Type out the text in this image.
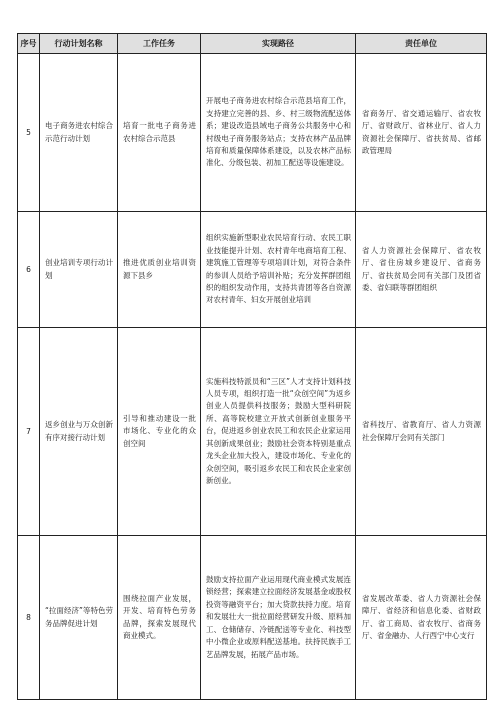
序号	行动计划名称	工作任务	实现路径	责任单位
5	电子商务进农村综合示范行动计划	培育一批电子商务进农村综合示范县	开展电子商务进农村综合示范县培育工作，支持建立完善的县、乡、村三级物流配送体系；建设改造县域电子商务公共服务中心和村级电子商务服务站点；支持农林产品品牌培育和质量保障体系建设，以及农林产品标准化、分级包装、初加工配送等设施建设。	省商务厅、省交通运输厅、省农牧厅、省财政厅、省林业厅、省人力资源社会保障厅、省扶贫局、省邮政管理局

6	创业培训专项行动计划	推进优质创业培训资源下县乡	组织实施新型职业农民培育行动、农民工职业技能提升计划、农村青年电商培育工程、建筑施工管理等专项培训计划，对符合条件的参训人员给予培训补贴；充分发挥群团组织的组织发动作用，支持共青团等各自资源对农村青年、妇女开展创业培训	省人力资源社会保障厅、省农牧厅、省住房城乡建设厅、省商务厅、省扶贫局会同有关部门及团省委、省妇联等群团组织

7	返乡创业与万众创新有序对接行动计划	引导和推动建设一批市场化、专业化的众创空间	实施科技特派员和“三区”人才支持计划科技人员专项，组织打造一批“众创空间”为返乡创业人员提供科技服务；鼓励大型科研院所、高等院校建立开放式创新创业服务平台，促进返乡创业农民工和农民企业家运用其创新成果创业；鼓励社会资本特别是重点龙头企业加大投入，建设市场化、专业化的众创空间，吸引返乡农民工和农民企业家创新创业。	省科技厅、省教育厅、省人力资源社会保障厅会同有关部门

8	“拉面经济”等特色劳务品牌促进计划	围绕拉面产业发展，开发、培育特色劳务品牌，探索发展现代商业模式。	鼓励支持拉面产业运用现代商业模式发展连锁经营；探索建立拉面经济发展基金或股权投资等融资平台；加大贷款扶持力度。培育和发展壮大一批拉面经营研发升级、原料加工、仓储储存、冷链配送等专业化、科技型中小微企业或原料配送基地。扶持民族手工艺品牌发展，拓展产品市场。	省发展改革委、省人力资源社会保障厅、省经济和信息化委、省财政厅、省工商局、省农牧厅、省商务厅、省金融办、人行西宁中心支行
